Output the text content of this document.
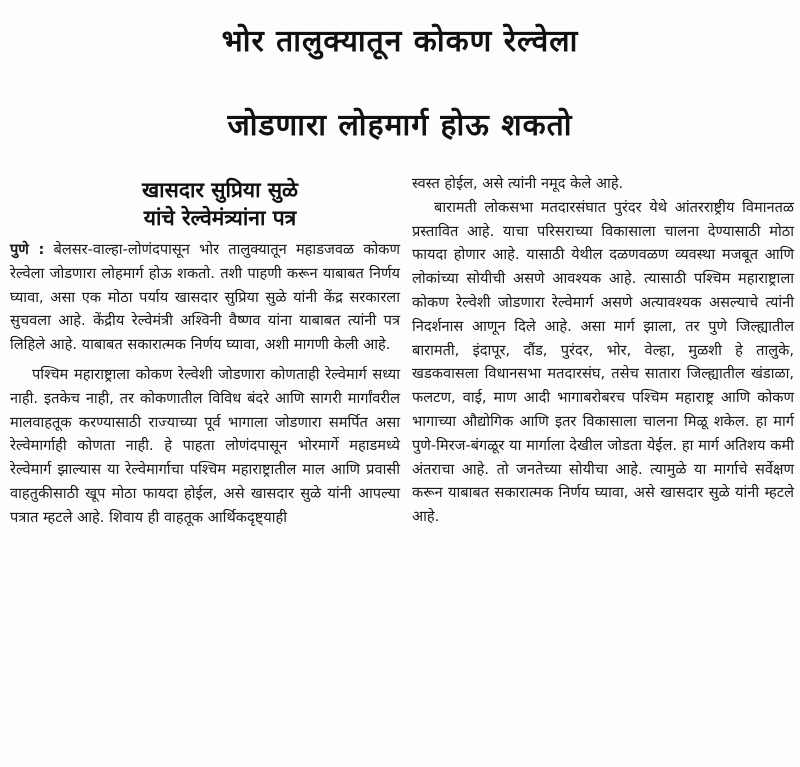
भोर तालुक्यातून कोकण रेल्वेला
जोडणारा लोहमार्ग होऊ शकतो
खासदार सुप्रिया सुळे
यांचे रेल्वेमंत्र्यांना पत्र

पुणे : बेलसर-वाल्हा-लोणंदपासून भोर तालुक्यातून महाडजवळ कोकण रेल्वेला जोडणारा लोहमार्ग होऊ शकतो. तशी पाहणी करून याबाबत निर्णय घ्यावा, असा एक मोठा पर्याय खासदार सुप्रिया सुळे यांनी केंद्र सरकारला सुचवला आहे. केंद्रीय रेल्वेमंत्री अश्विनी वैष्णव यांना याबाबत त्यांनी पत्र लिहिले आहे. याबाबत सकारात्मक निर्णय घ्यावा, अशी मागणी केली आहे.

पश्चिम महाराष्ट्राला कोकण रेल्वेशी जोडणारा कोणताही रेल्वेमार्ग सध्या नाही. इतकेच नाही, तर कोकणातील विविध बंदरे आणि सागरी मार्गांवरील मालवाहतूक करण्यासाठी राज्याच्या पूर्व भागाला जोडणारा समर्पित असा रेल्वेमार्गाही कोणता नाही. हे पाहता लोणंदपासून भोरमार्गे महाडमध्ये रेल्वेमार्ग झाल्यास या रेल्वेमार्गाचा पश्चिम महाराष्ट्रातील माल आणि प्रवासी वाहतुकीसाठी खूप मोठा फायदा होईल, असे खासदार सुळे यांनी आपल्या पत्रात म्हटले आहे. शिवाय ही वाहतूक आर्थिकदृष्ट्याही

स्वस्त होईल, असे त्यांनी नमूद केले आहे.

बारामती लोकसभा मतदारसंघात पुरंदर येथे आंतरराष्ट्रीय विमानतळ प्रस्तावित आहे. याचा परिसराच्या विकासाला चालना देण्यासाठी मोठा फायदा होणार आहे. यासाठी येथील दळणवळण व्यवस्था मजबूत आणि लोकांच्या सोयीची असणे आवश्यक आहे. त्यासाठी पश्चिम महाराष्ट्राला कोकण रेल्वेशी जोडणारा रेल्वेमार्ग असणे अत्यावश्यक असल्याचे त्यांनी निदर्शनास आणून दिले आहे. असा मार्ग झाला, तर पुणे जिल्ह्यातील बारामती, इंदापूर, दौंड, पुरंदर, भोर, वेल्हा, मुळशी हे तालुके, खडकवासला विधानसभा मतदारसंघ, तसेच सातारा जिल्ह्यातील खंडाळा, फलटण, वाई, माण आदी भागाबरोबरच पश्चिम महाराष्ट्र आणि कोकण भागाच्या औद्योगिक आणि इतर विकासाला चालना मिळू शकेल. हा मार्ग पुणे-मिरज-बंगळूर या मार्गाला देखील जोडता येईल. हा मार्ग अतिशय कमी अंतराचा आहे. तो जनतेच्या सोयीचा आहे. त्यामुळे या मार्गाचे सर्वेक्षण करून याबाबत सकारात्मक निर्णय घ्यावा, असे खासदार सुळे यांनी म्हटले आहे.
